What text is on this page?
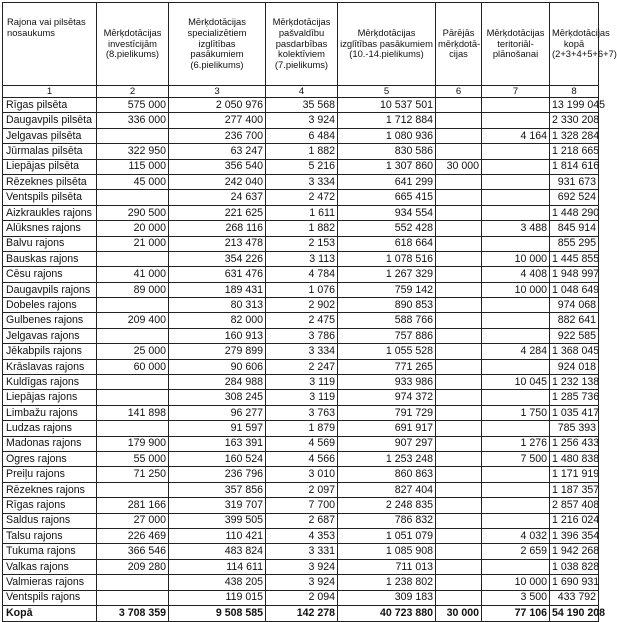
Rajona vai pilsētas nosaukums	Mērķdotācijas investīcijām (8.pielikums)	Mērķdotācijas specializētiem izglītības pasākumiem (6.pielikums)	Mērķdotācijas pašvaldību pasdarbības kolektīviem (7.pielikums)	Mērķdotācijas izglītības pasākumiem (10.-14.pielikums)	Pārējās mērķdotā-cijas	Mērķdotācijas teritoriāl-plānošanai	Mērķdotācijas kopā (2+3+4+5+6+7)
1	2	3	4	5	6	7	8
Rīgas pilsēta	575 000	2 050 976	35 568	10 537 501			13 199 045
Daugavpils pilsēta	336 000	277 400	3 924	1 712 884			2 330 208
Jelgavas pilsēta		236 700	6 484	1 080 936		4 164	1 328 284
Jūrmalas pilsēta	322 950	63 247	1 882	830 586			1 218 665
Liepājas pilsēta	115 000	356 540	5 216	1 307 860	30 000		1 814 616
Rēzeknes pilsēta	45 000	242 040	3 334	641 299			931 673
Ventspils pilsēta		24 637	2 472	665 415			692 524
Aizkraukles rajons	290 500	221 625	1 611	934 554			1 448 290
Alūksnes rajons	20 000	268 116	1 882	552 428		3 488	845 914
Balvu rajons	21 000	213 478	2 153	618 664			855 295
Bauskas rajons		354 226	3 113	1 078 516		10 000	1 445 855
Cēsu rajons	41 000	631 476	4 784	1 267 329		4 408	1 948 997
Daugavpils rajons	89 000	189 431	1 076	759 142		10 000	1 048 649
Dobeles rajons		80 313	2 902	890 853			974 068
Gulbenes rajons	209 400	82 000	2 475	588 766			882 641
Jelgavas rajons		160 913	3 786	757 886			922 585
Jēkabpils rajons	25 000	279 899	3 334	1 055 528		4 284	1 368 045
Krāslavas rajons	60 000	90 606	2 247	771 265			924 018
Kuldīgas rajons		284 988	3 119	933 986		10 045	1 232 138
Liepājas rajons		308 245	3 119	974 372			1 285 736
Limbažu rajons	141 898	96 277	3 763	791 729		1 750	1 035 417
Ludzas rajons		91 597	1 879	691 917			785 393
Madonas rajons	179 900	163 391	4 569	907 297		1 276	1 256 433
Ogres rajons	55 000	160 524	4 566	1 253 248		7 500	1 480 838
Preiļu rajons	71 250	236 796	3 010	860 863			1 171 919
Rēzeknes rajons		357 856	2 097	827 404			1 187 357
Rīgas rajons	281 166	319 707	7 700	2 248 835			2 857 408
Saldus rajons	27 000	399 505	2 687	786 832			1 216 024
Talsu rajons	226 469	110 421	4 353	1 051 079		4 032	1 396 354
Tukuma rajons	366 546	483 824	3 331	1 085 908		2 659	1 942 268
Valkas rajons	209 280	114 611	3 924	711 013			1 038 828
Valmieras rajons		438 205	3 924	1 238 802		10 000	1 690 931
Ventspils rajons		119 015	2 094	309 183		3 500	433 792
Kopā	3 708 359	9 508 585	142 278	40 723 880	30 000	77 106	54 190 208
